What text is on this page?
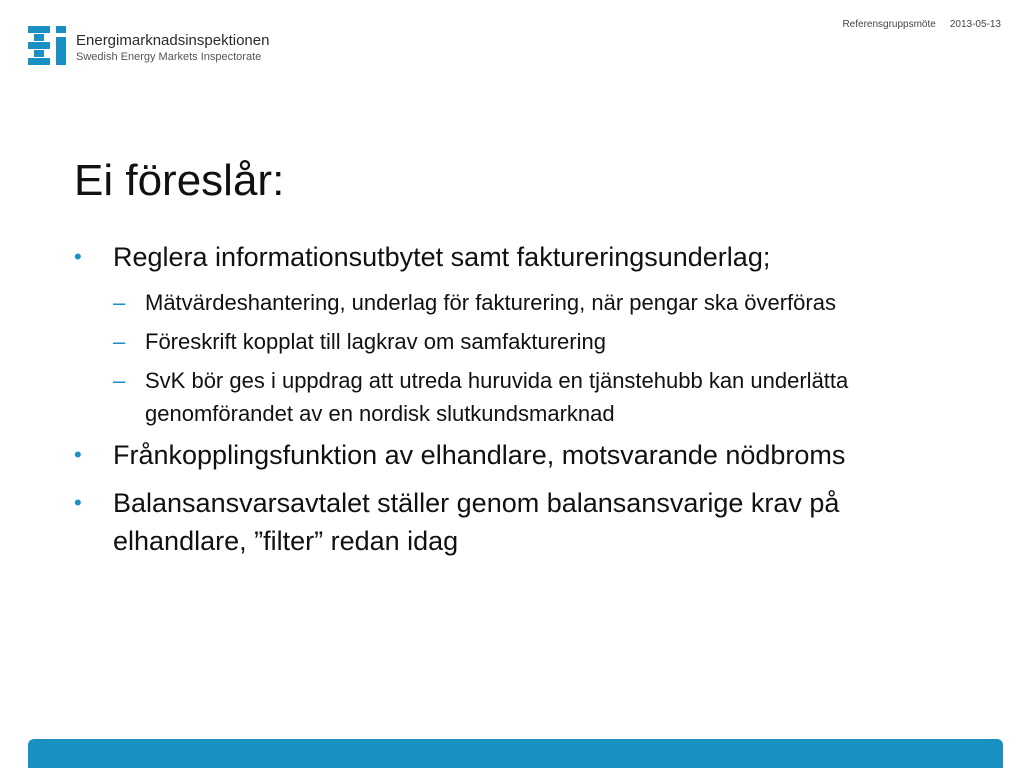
Energimarknadsinspektionen
Swedish Energy Markets Inspectorate
Referensgruppsmöte 2013-05-13
Ei föreslår:
• Reglera informationsutbytet samt faktureringsunderlag;
– Mätvärdeshantering, underlag för fakturering, när pengar ska överföras
– Föreskrift kopplat till lagkrav om samfakturering
– SvK bör ges i uppdrag att utreda huruvida en tjänstehubb kan underlätta genomförandet av en nordisk slutkundsmarknad
• Frånkopplingsfunktion av elhandlare, motsvarande nödbroms
• Balansansvarsavtalet ställer genom balansansvarige krav på elhandlare, ”filter” redan idag
